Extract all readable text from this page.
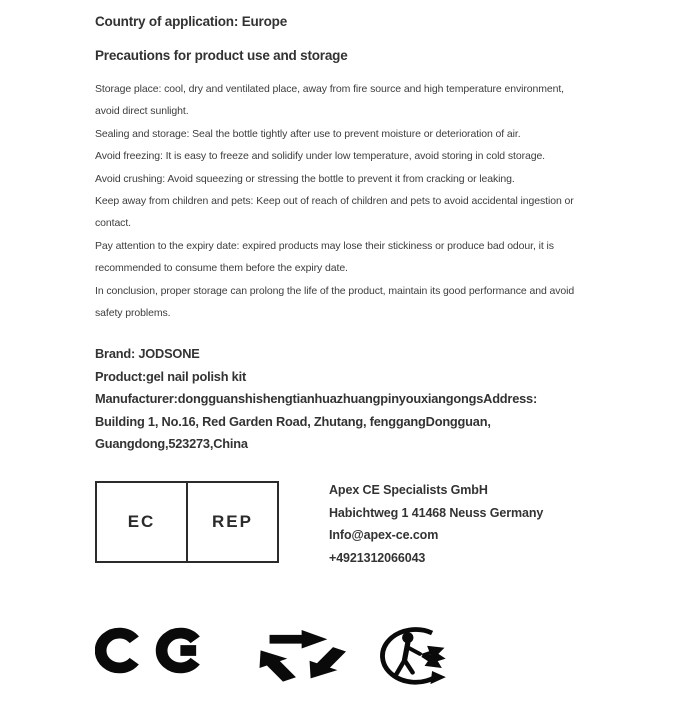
Country of application: Europe
Precautions for product use and storage
Storage place: cool, dry and ventilated place, away from fire source and high temperature environment,
avoid direct sunlight.
Sealing and storage: Seal the bottle tightly after use to prevent moisture or deterioration of air.
Avoid freezing: It is easy to freeze and solidify under low temperature, avoid storing in cold storage.
Avoid crushing: Avoid squeezing or stressing the bottle to prevent it from cracking or leaking.
Keep away from children and pets: Keep out of reach of children and pets to avoid accidental ingestion or
contact.
Pay attention to the expiry date: expired products may lose their stickiness or produce bad odour, it is
recommended to consume them before the expiry date.
In conclusion, proper storage can prolong the life of the product, maintain its good performance and avoid
safety problems.
Brand: JODSONE
Product:gel nail polish kit
Manufacturer:dongguanshishengtianhuazhuangpinyouxiangongsAddress:
Building 1, No.16, Red Garden Road, Zhutang, fenggangDongguan,
Guangdong,523273,China
EC	REP
Apex CE Specialists GmbH
Habichtweg 1 41468 Neuss Germany
Info@apex-ce.com
+4921312066043
